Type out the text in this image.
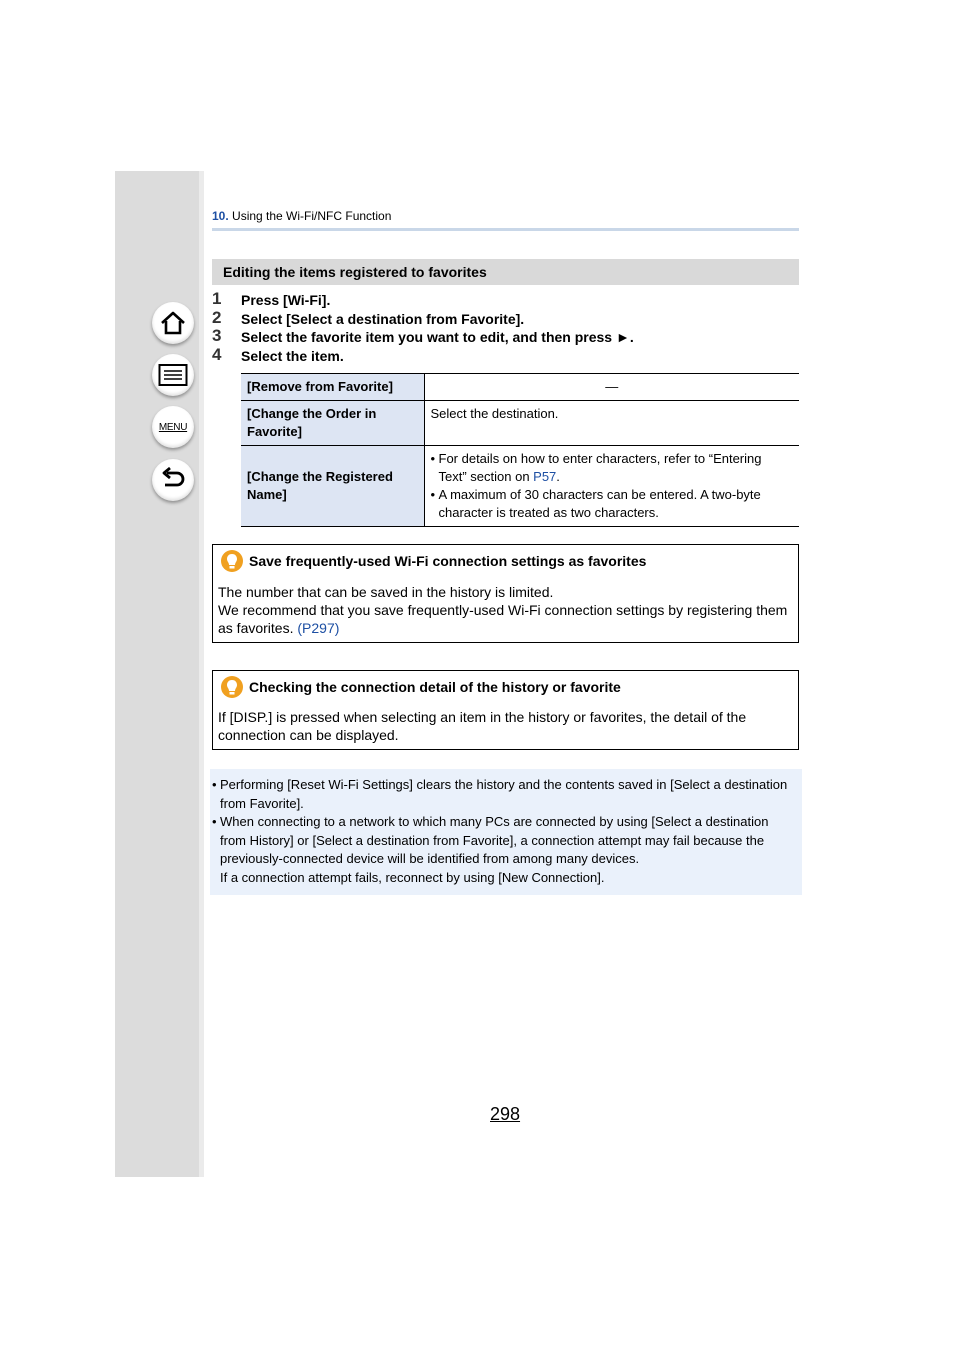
MENU
10. Using the Wi-Fi/NFC Function
Editing the items registered to favorites
1 Press [Wi-Fi].
2 Select [Select a destination from Favorite].
3 Select the favorite item you want to edit, and then press ►.
4 Select the item.
[Remove from Favorite]	—
[Change the Order in Favorite]	Select the destination.
[Change the Registered Name]	• For details on how to enter characters, refer to “Entering Text” section on P57.
• A maximum of 30 characters can be entered. A two-byte character is treated as two characters.
Save frequently-used Wi-Fi connection settings as favorites
The number that can be saved in the history is limited.
We recommend that you save frequently-used Wi-Fi connection settings by registering them as favorites. (P297)
Checking the connection detail of the history or favorite
If [DISP.] is pressed when selecting an item in the history or favorites, the detail of the connection can be displayed.
• Performing [Reset Wi-Fi Settings] clears the history and the contents saved in [Select a destination from Favorite].
• When connecting to a network to which many PCs are connected by using [Select a destination from History] or [Select a destination from Favorite], a connection attempt may fail because the previously-connected device will be identified from among many devices.
If a connection attempt fails, reconnect by using [New Connection].
298
